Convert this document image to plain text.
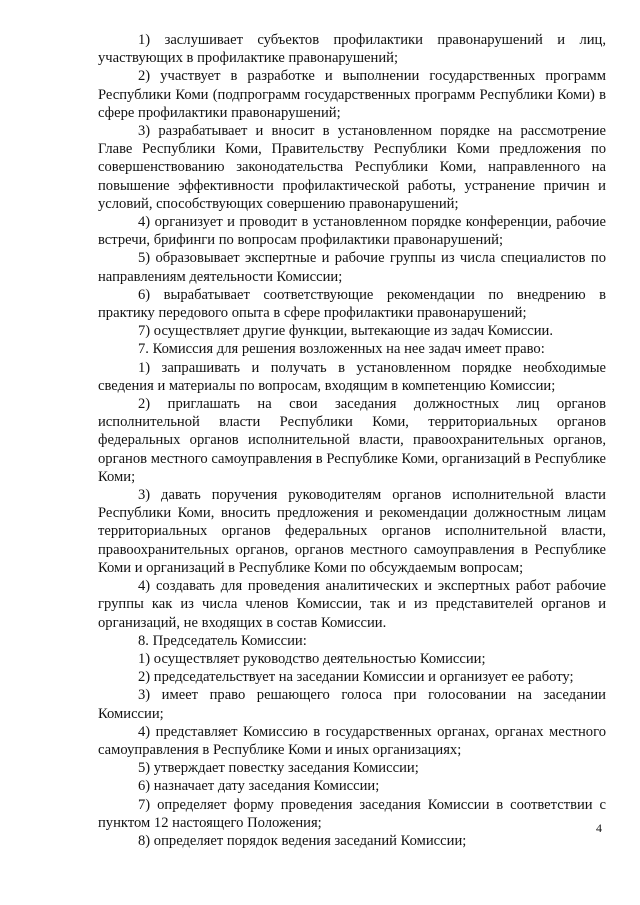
1) заслушивает субъектов профилактики правонарушений и лиц, участвующих в профилактике правонарушений;

2) участвует в разработке и выполнении государственных программ Республики Коми (подпрограмм государственных программ Республики Коми) в сфере профилактики правонарушений;

3) разрабатывает и вносит в установленном порядке на рассмотрение Главе Республики Коми, Правительству Республики Коми предложения по совершенствованию законодательства Республики Коми, направленного на повышение эффективности профилактической работы, устранение причин и условий, способствующих совершению правонарушений;

4) организует и проводит в установленном порядке конференции, рабочие встречи, брифинги по вопросам профилактики правонарушений;

5) образовывает экспертные и рабочие группы из числа специалистов по направлениям деятельности Комиссии;

6) вырабатывает соответствующие рекомендации по внедрению в практику передового опыта в сфере профилактики правонарушений;

7) осуществляет другие функции, вытекающие из задач Комиссии.

7. Комиссия для решения возложенных на нее задач имеет право:

1) запрашивать и получать в установленном порядке необходимые сведения и материалы по вопросам, входящим в компетенцию Комиссии;

2) приглашать на свои заседания должностных лиц органов исполнительной власти Республики Коми, территориальных органов федеральных органов исполнительной власти, правоохранительных органов, органов местного самоуправления в Республике Коми, организаций в Республике Коми;

3) давать поручения руководителям органов исполнительной власти Республики Коми, вносить предложения и рекомендации должностным лицам территориальных органов федеральных органов исполнительной власти, правоохранительных органов, органов местного самоуправления в Республике Коми и организаций в Республике Коми по обсуждаемым вопросам;

4) создавать для проведения аналитических и экспертных работ рабочие группы как из числа членов Комиссии, так и из представителей органов и организаций, не входящих в состав Комиссии.

8. Председатель Комиссии:

1) осуществляет руководство деятельностью Комиссии;

2) председательствует на заседании Комиссии и организует ее работу;

3) имеет право решающего голоса при голосовании на заседании Комиссии;

4) представляет Комиссию в государственных органах, органах местного самоуправления в Республике Коми и иных организациях;

5) утверждает повестку заседания Комиссии;

6) назначает дату заседания Комиссии;

7) определяет форму проведения заседания Комиссии в соответствии с пунктом 12 настоящего Положения;

8) определяет порядок ведения заседаний Комиссии;

4
